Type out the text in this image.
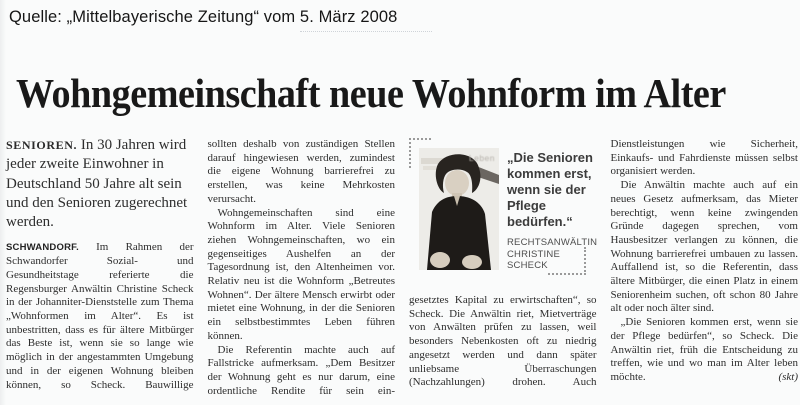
Quelle: „Mittelbayerische Zeitung“ vom 5. März 2008
Wohngemeinschaft neue Wohnform im Alter

SENIOREN. In 30 Jahren wird jeder zweite Einwohner in Deutschland 50 Jahre alt sein und den Senioren zugerechnet werden.

SCHWANDORF. Im Rahmen der Schwandorfer Sozial- und Gesundheitstage referierte die Regensburger Anwältin Christine Scheck in der Johanniter-Dienststelle zum Thema „Wohnformen im Alter“. Es ist unbestritten, dass es für ältere Mitbürger das Beste ist, wenn sie so lange wie möglich in der angestammten Umgebung und in der eigenen Wohnung bleiben können, so Scheck. Bauwillige

sollten deshalb von zuständigen Stellen darauf hingewiesen werden, zumindest die eigene Wohnung barrierefrei zu erstellen, was keine Mehrkosten verursacht.

Wohngemeinschaften sind eine Wohnform im Alter. Viele Senioren ziehen Wohngemeinschaften, wo ein gegenseitiges Aushelfen an der Tagesordnung ist, den Altenheimen vor. Relativ neu ist die Wohnform „Betreutes Wohnen“. Der ältere Mensch erwirbt oder mietet eine Wohnung, in der die Senioren ein selbstbestimmtes Leben führen können.

Die Referentin machte auch auf Fallstricke aufmerksam. „Dem Besitzer der Wohnung geht es nur darum, eine ordentliche Rendite für sein ein-

Leben „Die Senioren kommen erst, wenn sie der Pflege bedürfen.“
RECHTSANWÄLTIN CHRISTINE SCHECK

gesetztes Kapital zu erwirtschaften“, so Scheck. Die Anwältin riet, Mietverträge von Anwälten prüfen zu lassen, weil besonders Nebenkosten oft zu niedrig angesetzt werden und dann später unliebsame Überraschungen (Nachzahlungen) drohen. Auch

Dienstleistungen wie Sicherheit, Einkaufs- und Fahrdienste müssen selbst organisiert werden.

Die Anwältin machte auch auf ein neues Gesetz aufmerksam, das Mieter berechtigt, wenn keine zwingenden Gründe dagegen sprechen, vom Hausbesitzer verlangen zu können, die Wohnung barrierefrei umbauen zu lassen. Auffallend ist, so die Referentin, dass ältere Mitbürger, die einen Platz in einem Seniorenheim suchen, oft schon 80 Jahre alt oder noch älter sind.

„Die Senioren kommen erst, wenn sie der Pflege bedürfen“, so Scheck. Die Anwältin riet, früh die Entscheidung zu treffen, wie und wo man im Alter leben möchte.	(skt)
